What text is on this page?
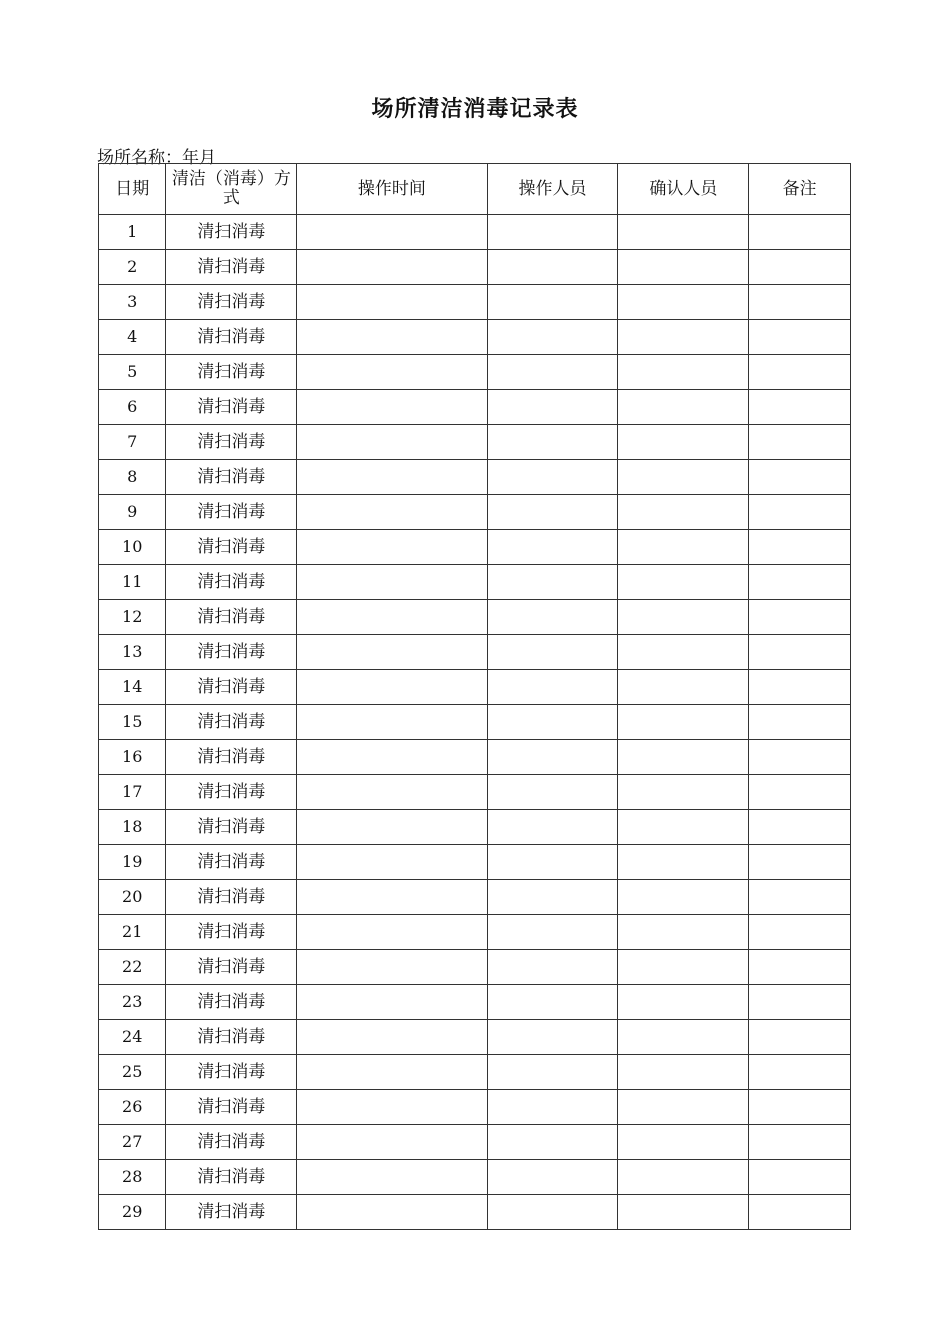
场所清洁消毒记录表
场所名称：年月
日期	清洁（消毒）方式	操作时间	操作人员	确认人员	备注
1	清扫消毒				
2	清扫消毒				
3	清扫消毒				
4	清扫消毒				
5	清扫消毒				
6	清扫消毒				
7	清扫消毒				
8	清扫消毒				
9	清扫消毒				
10	清扫消毒				
11	清扫消毒				
12	清扫消毒				
13	清扫消毒				
14	清扫消毒				
15	清扫消毒				
16	清扫消毒				
17	清扫消毒				
18	清扫消毒				
19	清扫消毒				
20	清扫消毒				
21	清扫消毒				
22	清扫消毒				
23	清扫消毒				
24	清扫消毒				
25	清扫消毒				
26	清扫消毒				
27	清扫消毒				
28	清扫消毒				
29	清扫消毒				
